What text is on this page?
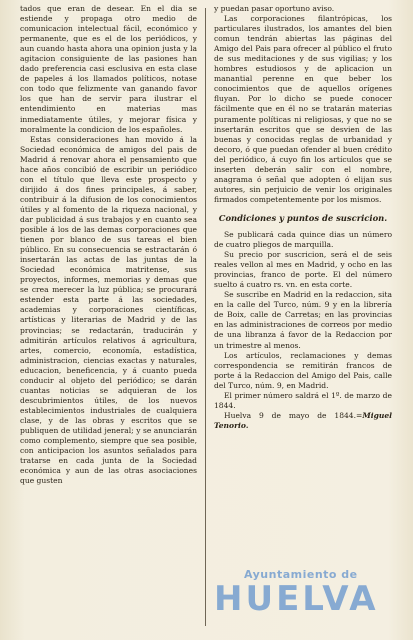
tados que eran de desear. En el dia se estiende y propaga otro medio de comunicacion intelectual fácil, económico y permanente, que es el de los periódicos, y aun cuando hasta ahora una opinion justa y la agitacion consiguiente de las pasiones han dado preferencia casi esclusiva en esta clase de papeles á los llamados políticos, notase con todo que felizmente van ganando favor los que han de servir para ilustrar el entendimiento en materias mas inmediatamente útiles, y mejorar física y moralmente la condicion de los españoles.

Estas consideraciones han movido á la Sociedad económica de amigos del pais de Madrid á renovar ahora el pensamiento que hace años concibió de escribir un periódico con el título que lleva este prospecto y dirijido á dos fines principales, á saber, contribuir á la difusion de los conocimientos útiles y al fomento de la riqueza nacional, y dar publicidad á sus trabajos y en cuanto sea posible á los de las demas corporaciones que tienen por blanco de sus tareas el bien público. En su consecuencia se estractarán ó insertarán las actas de las juntas de la Sociedad económica matritense, sus proyectos, informes, memorias y demas que se crea merecer la luz pública; se procurará estender esta parte á las sociedades, academias y corporaciones científicas, artísticas y literarias de Madrid y de las provincias; se redactarán, traducirán y admitirán artículos relativos á agricultura, artes, comercio, economía, estadística, administracion, ciencias exactas y naturales, educacion, beneficencia, y á cuanto pueda conducir al objeto del periódico; se darán cuantas noticias se adquieran de los descubrimientos útiles, de los nuevos establecimientos industriales de cualquiera clase, y de las obras y escritos que se publiquen de utilidad jeneral; y se anunciarán como complemento, siempre que sea posible, con anticipacion los asuntos señalados para tratarse en cada junta de la Sociedad económica y aun de las otras asociaciones que gusten

y puedan pasar oportuno aviso.

Las corporaciones filantrópicas, los particulares ilustrados, los amantes del bien comun tendrán abiertas las páginas del Amigo del Pais para ofrecer al público el fruto de sus meditaciones y de sus vigilias; y los hombres estudiosos y de aplicacion un manantial perenne en que beber los conocimientos que de aquellos orígenes fluyan. Por lo dicho se puede conocer fácilmente que en él no se tratarán materias puramente políticas ni religiosas, y que no se insertarán escritos que se desvien de las buenas y conocidas reglas de urbanidad y decoro, ó que puedan ofender al buen crédito del periódico, á cuyo fin los artículos que se inserten deberán salir con el nombre, anagrama ó señal que adopten ó elijan sus autores, sin perjuicio de venir los originales firmados competentemente por los mismos.

Condiciones y puntos de suscricion.

Se publicará cada quince dias un número de cuatro pliegos de marquilla.

Su precio por suscricion, será el de seis reales vellon al mes en Madrid, y ocho en las provincias, franco de porte. El del número suelto á cuatro rs. vn. en esta corte.

Se suscribe en Madrid en la redaccion, sita en la calle del Turco, núm. 9 y en la librería de Boix, calle de Carretas; en las provincias en las administraciones de correos por medio de una libranza á favor de la Redaccion por un trimestre al menos.

Los artículos, reclamaciones y demas correspondencia se remitirán francos de porte á la Redaccion del Amigo del Pais, calle del Turco, núm. 9, en Madrid.

El primer número saldrá el 1º. de marzo de 1844.

Huelva 9 de mayo de 1844.=Miguel Tenorio.

Ayuntamiento de
HUELVA
